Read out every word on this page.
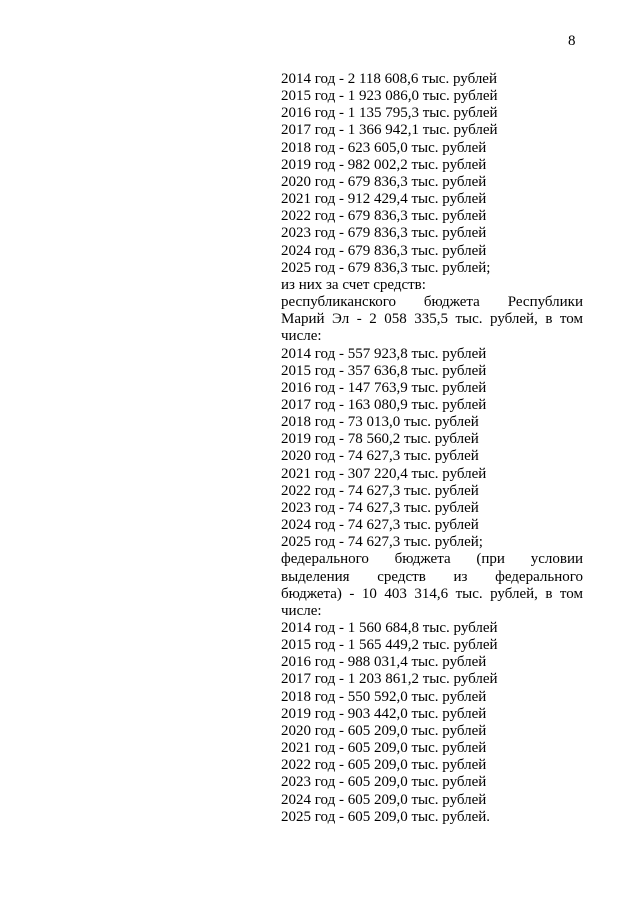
8
2014 год - 2 118 608,6 тыс. рублей
2015 год - 1 923 086,0 тыс. рублей
2016 год - 1 135 795,3 тыс. рублей
2017 год - 1 366 942,1 тыс. рублей
2018 год - 623 605,0 тыс. рублей
2019 год - 982 002,2 тыс. рублей
2020 год - 679 836,3 тыс. рублей
2021 год - 912 429,4 тыс. рублей
2022 год - 679 836,3 тыс. рублей
2023 год - 679 836,3 тыс. рублей
2024 год - 679 836,3 тыс. рублей
2025 год - 679 836,3 тыс. рублей;
из них за счет средств:
республиканского бюджета Республики
Марий Эл - 2 058 335,5 тыс. рублей, в том
числе:
2014 год - 557 923,8 тыс. рублей
2015 год - 357 636,8 тыс. рублей
2016 год - 147 763,9 тыс. рублей
2017 год - 163 080,9 тыс. рублей
2018 год - 73 013,0 тыс. рублей
2019 год - 78 560,2 тыс. рублей
2020 год - 74 627,3 тыс. рублей
2021 год - 307 220,4 тыс. рублей
2022 год - 74 627,3 тыс. рублей
2023 год - 74 627,3 тыс. рублей
2024 год - 74 627,3 тыс. рублей
2025 год - 74 627,3 тыс. рублей;
федерального бюджета (при условии
выделения средств из федерального
бюджета) - 10 403 314,6 тыс. рублей, в том
числе:
2014 год - 1 560 684,8 тыс. рублей
2015 год - 1 565 449,2 тыс. рублей
2016 год - 988 031,4 тыс. рублей
2017 год - 1 203 861,2 тыс. рублей
2018 год - 550 592,0 тыс. рублей
2019 год - 903 442,0 тыс. рублей
2020 год - 605 209,0 тыс. рублей
2021 год - 605 209,0 тыс. рублей
2022 год - 605 209,0 тыс. рублей
2023 год - 605 209,0 тыс. рублей
2024 год - 605 209,0 тыс. рублей
2025 год - 605 209,0 тыс. рублей.
